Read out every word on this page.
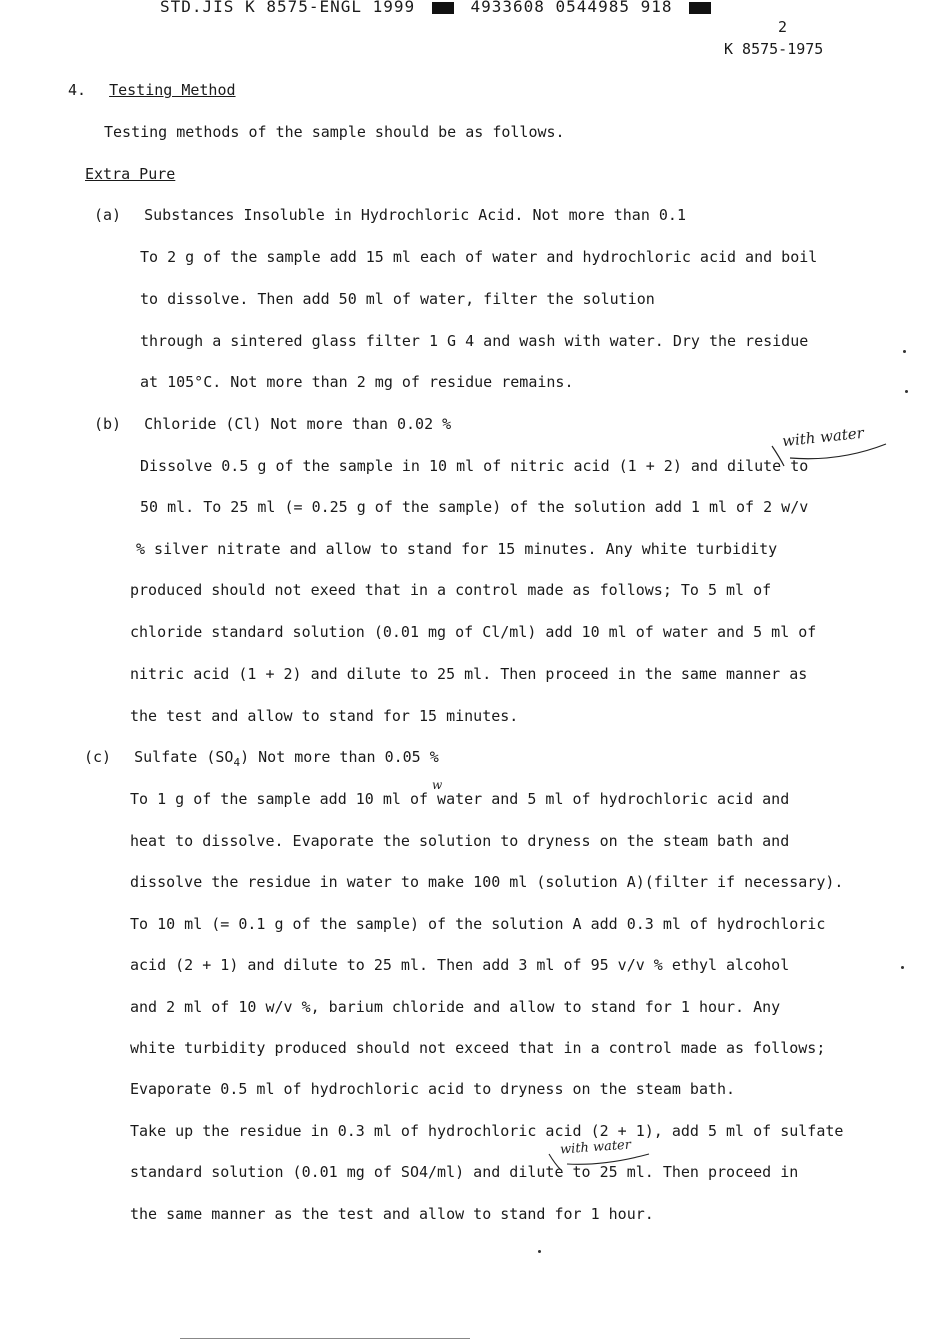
STD.JIS K 8575-ENGL 1999	4933608 0544985 918
2
K 8575-1975
4. Testing Method
Testing methods of the sample should be as follows.
Extra Pure
(a) Substances Insoluble in Hydrochloric Acid. Not more than 0.1
To 2 g of the sample add 15 ml each of water and hydrochloric acid and boil
to dissolve. Then add 50 ml of water, filter the solution
through a sintered glass filter 1 G 4 and wash with water. Dry the residue
at 105°C. Not more than 2 mg of residue remains.
(b) Chloride (Cl) Not more than 0.02 %	with water
Dissolve 0.5 g of the sample in 10 ml of nitric acid (1 + 2) and dilute to
50 ml. To 25 ml (= 0.25 g of the sample) of the solution add 1 ml of 2 w/v
% silver nitrate and allow to stand for 15 minutes. Any white turbidity
produced should not exeed that in a control made as follows; To 5 ml of
chloride standard solution (0.01 mg of Cl/ml) add 10 ml of water and 5 ml of
nitric acid (1 + 2) and dilute to 25 ml. Then proceed in the same manner as
the test and allow to stand for 15 minutes.
(c) Sulfate $(SO_4)$ Not more than 0.05 %
w
To 1 g of the sample add 10 ml of water and 5 ml of hydrochloric acid and
heat to dissolve. Evaporate the solution to dryness on the steam bath and
dissolve the residue in water to make 100 ml (solution A)(filter if necessary).
To 10 ml (= 0.1 g of the sample) of the solution A add 0.3 ml of hydrochloric
acid (2 + 1) and dilute to 25 ml. Then add 3 ml of 95 v/v % ethyl alcohol
and 2 ml of 10 w/v %, barium chloride and allow to stand for 1 hour. Any
white turbidity produced should not exceed that in a control made as follows;
Evaporate 0.5 ml of hydrochloric acid to dryness on the steam bath.
Take up the residue in 0.3 ml of hydrochloric acid (2 + 1), add 5 ml of sulfate
with water
standard solution (0.01 mg of SO4/ml) and dilute to 25 ml. Then proceed in
the same manner as the test and allow to stand for 1 hour.
